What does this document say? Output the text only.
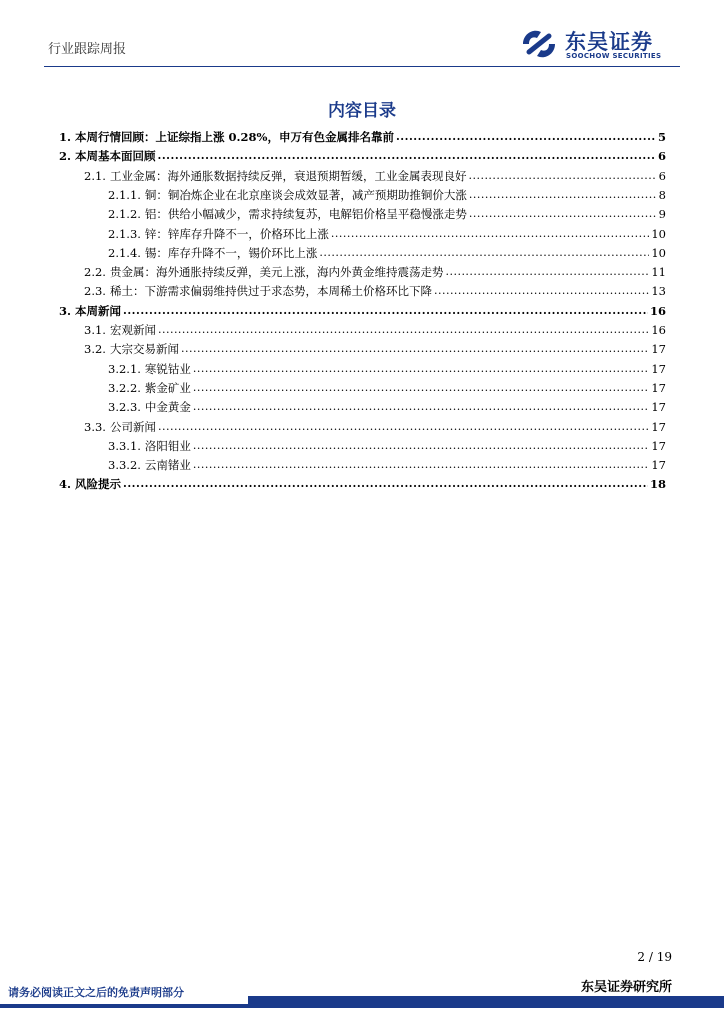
行业跟踪周报	东吴证券
SOOCHOW SECURITIES
内容目录
1. 本周行情回顾：上证综指上涨 0.28%，申万有色金属排名靠前 .....	5
2. 本周基本面回顾 .....	6
2.1. 工业金属：海外通胀数据持续反弹，衰退预期暂缓，工业金属表现良好 .....	6
2.1.1. 铜：铜冶炼企业在北京座谈会成效显著，减产预期助推铜价大涨 .....	8
2.1.2. 铝：供给小幅减少，需求持续复苏，电解铝价格呈平稳慢涨走势 .....	9
2.1.3. 锌：锌库存升降不一，价格环比上涨 .....	10
2.1.4. 锡：库存升降不一，锡价环比上涨 .....	10
2.2. 贵金属：海外通胀持续反弹，美元上涨，海内外黄金维持震荡走势 .....	11
2.3. 稀土：下游需求偏弱维持供过于求态势，本周稀土价格环比下降 .....	13
3. 本周新闻 .....	16
3.1. 宏观新闻 .....	16
3.2. 大宗交易新闻 .....	17
3.2.1. 寒锐钴业 .....	17
3.2.2. 紫金矿业 .....	17
3.2.3. 中金黄金 .....	17
3.3. 公司新闻 .....	17
3.3.1. 洛阳钼业 .....	17
3.3.2. 云南锗业 .....	17
4. 风险提示 .....	18
2 / 19
东吴证券研究所
请务必阅读正文之后的免责声明部分
